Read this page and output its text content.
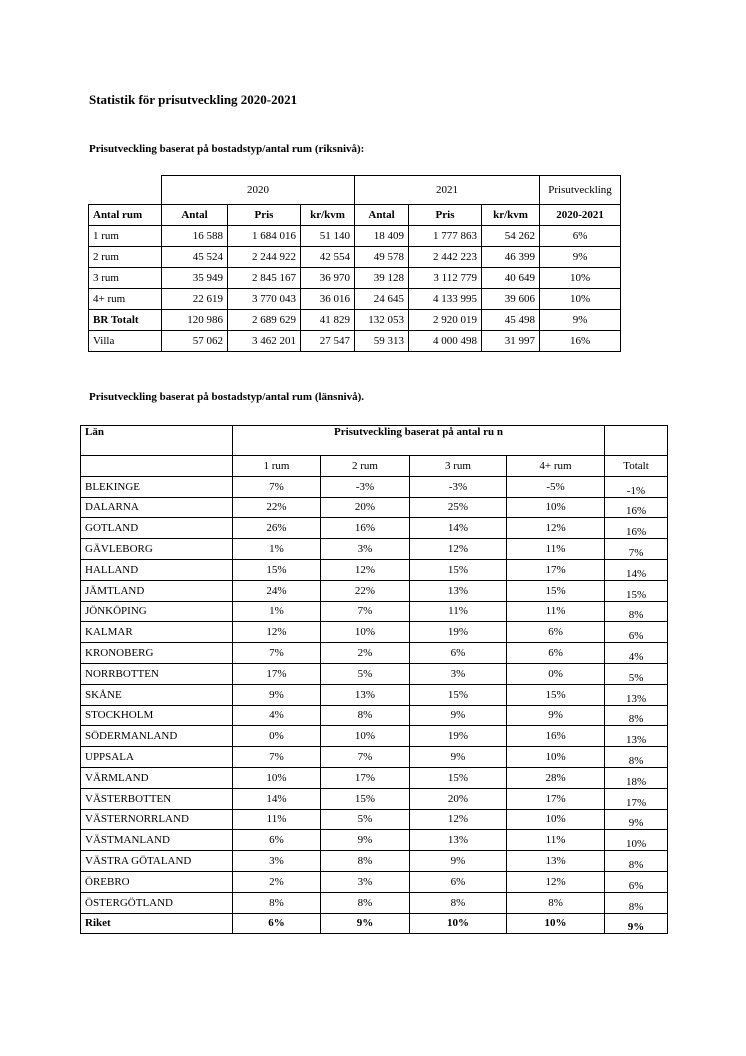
Statistik för prisutveckling 2020-2021
Prisutveckling baserat på bostadstyp/antal rum (riksnivå):
	2020			2021			Prisutveckling
Antal rum	Antal	Pris	kr/kvm	Antal	Pris	kr/kvm	2020-2021
1 rum	16 588	1 684 016	51 140	18 409	1 777 863	54 262	6%
2 rum	45 524	2 244 922	42 554	49 578	2 442 223	46 399	9%
3 rum	35 949	2 845 167	36 970	39 128	3 112 779	40 649	10%
4+ rum	22 619	3 770 043	36 016	24 645	4 133 995	39 606	10%
BR Totalt	120 986	2 689 629	41 829	132 053	2 920 019	45 498	9%
Villa	57 062	3 462 201	27 547	59 313	4 000 498	31 997	16%
Prisutveckling baserat på bostadstyp/antal rum (länsnivå).
Län	Prisutveckling baserat på antal ru n				
	1 rum	2 rum	3 rum	4+ rum	Totalt
BLEKINGE	7%	-3%	-3%	-5%	-1%
DALARNA	22%	20%	25%	10%	16%
GOTLAND	26%	16%	14%	12%	16%
GÄVLEBORG	1%	3%	12%	11%	7%
HALLAND	15%	12%	15%	17%	14%
JÄMTLAND	24%	22%	13%	15%	15%
JÖNKÖPING	1%	7%	11%	11%	8%
KALMAR	12%	10%	19%	6%	6%
KRONOBERG	7%	2%	6%	6%	4%
NORRBOTTEN	17%	5%	3%	0%	5%
SKÅNE	9%	13%	15%	15%	13%
STOCKHOLM	4%	8%	9%	9%	8%
SÖDERMANLAND	0%	10%	19%	16%	13%
UPPSALA	7%	7%	9%	10%	8%
VÄRMLAND	10%	17%	15%	28%	18%
VÄSTERBOTTEN	14%	15%	20%	17%	17%
VÄSTERNORRLAND	11%	5%	12%	10%	9%
VÄSTMANLAND	6%	9%	13%	11%	10%
VÄSTRA GÖTALAND	3%	8%	9%	13%	8%
ÖREBRO	2%	3%	6%	12%	6%
ÖSTERGÖTLAND	8%	8%	8%	8%	8%
Riket	6%	9%	10%	10%	9%
